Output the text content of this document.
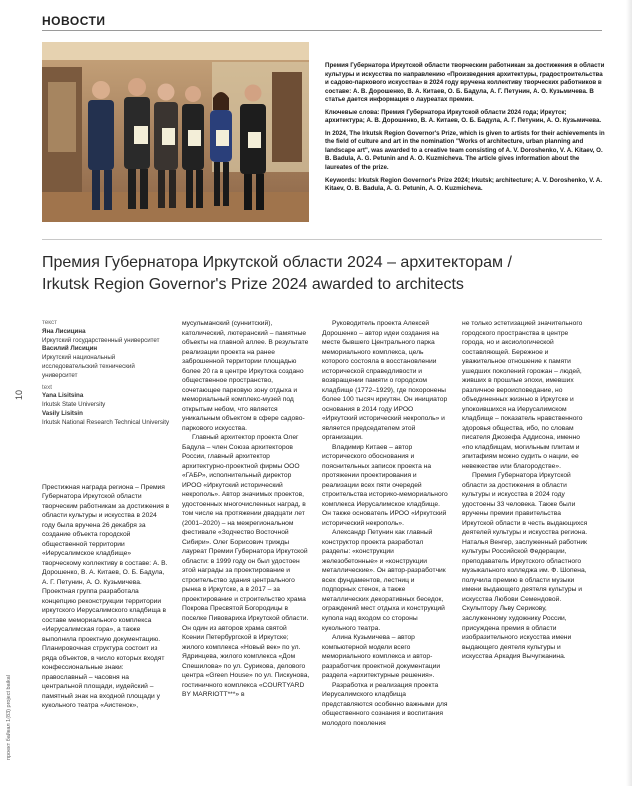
НОВОСТИ

Премия Губернатора Иркутской области творческим работникам за достижения в области культуры и искусства по направлению «Произведения архитектуры, градостроительства и садово-паркового искусства» в 2024 году вручена коллективу творческих работников в составе: А. В. Дорошенко, В. А. Китаев, О. Б. Бадула, А. Г. Петунин, А. О. Кузьмичева. В статье дается информация о лауреатах премии.

Ключевые слова: Премия Губернатора Иркутской области 2024 года; Иркутск; архитектура; А. В. Дорошенко, В. А. Китаев, О. Б. Бадула, А. Г. Петунин, А. О. Кузьмичева.

In 2024, The Irkutsk Region Governor's Prize, which is given to artists for their achievements in the field of culture and art in the nomination "Works of architecture, urban planning and landscape art", was awarded to a creative team consisting of A. V. Doroshenko, V. A. Kitaev, O. B. Badula, A. G. Petunin and A. O. Kuzmicheva. The article gives information about the laureates of the prize.

Keywords: Irkutsk Region Governor's Prize 2024; Irkutsk; architecture; A. V. Doroshenko, V. A. Kitaev, O. B. Badula, A. G. Petunin, A. O. Kuzmicheva.

Премия Губернатора Иркутской области 2024 – архитекторам /
Irkutsk Region Governor's Prize 2024 awarded to architects
10
проект байкал 1(83) project baikal
текст
Яна Лисицина
Иркутский государственный университет
Василий Лисицин
Иркутский национальный исследовательский технический университет
text
Yana Lisitsina
Irkutsk State University
Vasily Lisitsin
Irkutsk National Research Technical University

Престижная награда региона – Премия Губернатора Иркутской области творческим работникам за достижения в области культуры и искусства в 2024 году была вручена 26 декабря за создание объекта городской общественной территории «Иерусалимское кладбище» творческому коллективу в составе: А. В. Дорошенко, В. А. Китаев, О. Б. Бадула, А. Г. Петунин, А. О. Кузьмичева. Проектная группа разработала концепцию реконструкции территории иркутского Иерусалимского кладбища в составе мемориального комплекса «Иерусалимская гора», а также выполнила проектную документацию. Планировочная структура состоит из ряда объектов, в число которых входят конфессиональные знаки: православный – часовня на центральной площади, иудейский – памятный знак на входной площади у кукольного театра «Аистенок»,

мусульманский (суннитский), католический, лютеранский – памятные объекты на главной аллее. В результате реализации проекта на ранее заброшенной территории площадью более 20 га в центре Иркутска создано общественное пространство, сочетающее парковую зону отдыха и мемориальный комплекс-музей под открытым небом, что является уникальным объектом в сфере садово-паркового искусства.

Главный архитектор проекта Олег Бадула – член Союза архитекторов России, главный архитектор архитектурно-проектной фирмы ООО «ГАБР», исполнительный директор ИРОО «Иркутский исторический некрополь». Автор значимых проектов, удостоенных многочисленных наград, в том числе на протяжении двадцати лет (2001–2020) – на межрегиональном фестивале «Зодчество Восточной Сибири». Олег Борисович трижды лауреат Премии Губернатора Иркутской области: в 1999 году он был удостоен этой награды за проектирование и строительство здания центрального рынка в Иркутске, а в 2017 – за проектирование и строительство храма Покрова Пресвятой Богородицы в поселке Пивоварихa Иркутской области. Он один из авторов храма святой Ксении Петербургской в Иркутске; жилого комплекса «Новый век» по ул. Ядринцева, жилого комплекса «Дом Спешилова» по ул. Сурикова, делового центра «Green House» по ул. Пискунова, гостиничного комплекса «COURTYARD BY MARRIOTT***» в

Руководитель проекта Алексей Дорошенко – автор идеи создания на месте бывшего Центрального парка мемориального комплекса, цель которого состояла в восстановлении исторической справедливости и возвращении памяти о городском кладбище (1772–1929), где похоронены более 100 тысяч иркутян. Он инициатор основания в 2014 году ИРОО «Иркутский исторический некрополь» и является председателем этой организации.

Владимир Китаев – автор исторического обоснования и пояснительных записок проекта на протяжении проектирования и реализации всех пяти очередей строительства историко-мемориального комплекса Иерусалимское кладбище. Он также основатель ИРОО «Иркутский исторический некрополь».

Александр Петунин как главный конструктор проекта разработал разделы: «конструкции железобетонные» и «конструкции металлические». Он автор-разработчик всех фундаментов, лестниц и подпорных стенок, а также металлических декоративных беседок, ограждений мест отдыха и конструкций купола над входом со стороны кукольного театра.

Алина Кузьмичева – автор компьютерной модели всего мемориального комплекса и автор-разработчик проектной документации раздела «архитектурные решения».

Разработка и реализация проекта Иерусалимского кладбища представляются особенно важными для общественного сознания и воспитания молодого поколения

не только эстетизацией значительного городского пространства в центре города, но и аксиологической составляющей. Бережное и уважительное отношение к памяти ушедших поколений горожан – людей, живших в прошлые эпохи, имевших различное вероисповедание, но объединенных жизнью в Иркутске и упокоившихся на Иерусалимском кладбище – показатель нравственного здоровья общества, ибо, по словам писателя Джозефа Аддисона, именно «по кладбищам, могильным плитам и эпитафиям можно судить о нации, ее невежестве или благородстве».

Премия Губернатора Иркутской области за достижения в области культуры и искусства в 2024 году удостоены 33 человека. Также были вручены премии правительства Иркутской области в честь выдающихся деятелей культуры и искусства региона. Наталья Венгер, заслуженный работник культуры Российской Федерации, преподаватель Иркутского областного музыкального колледжа им. Ф. Шопена, получила премию в области музыки имени выдающего деятеля культуры и искусства Любови Семендовой. Скульптору Льву Серикову, заслуженному художнику России, присуждена премия в области изобразительного искусства имени выдающего деятеля культуры и искусства Аркадия Вычугжанина.
